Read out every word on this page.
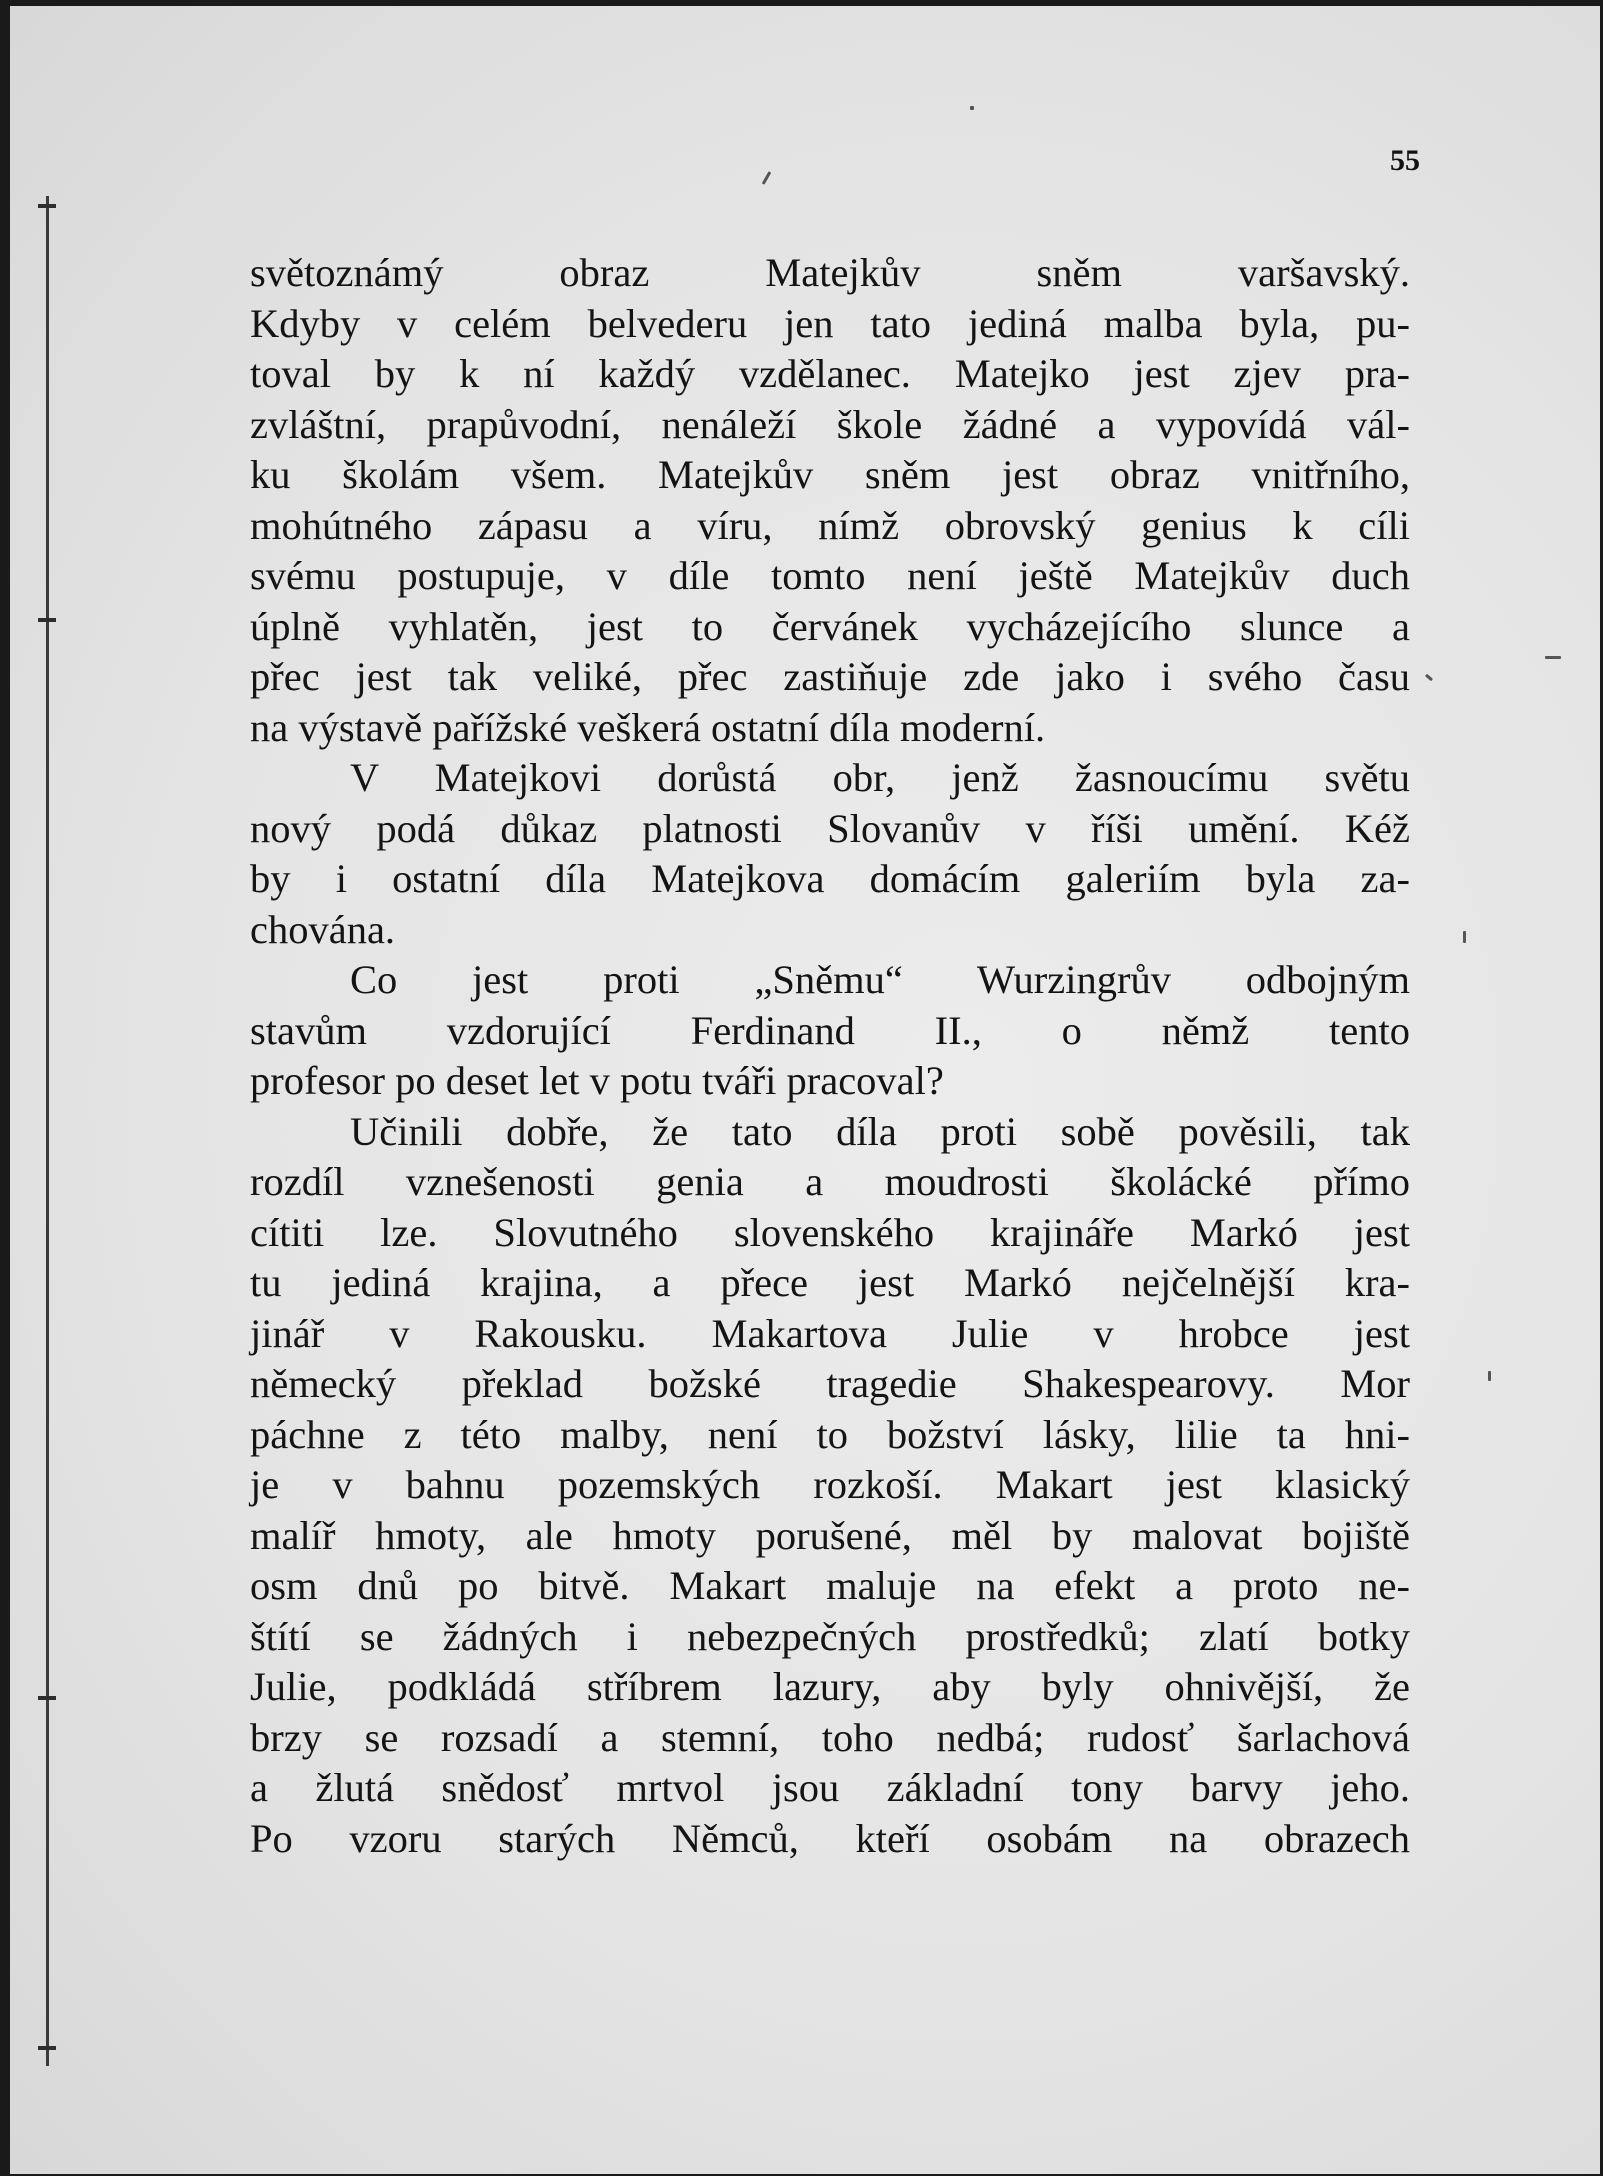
55
světoznámý obraz Matejkův sněm varšavský.
Kdyby v celém belvederu jen tato jediná malba byla, pu-
toval by k ní každý vzdělanec. Matejko jest zjev pra-
zvláštní, prapůvodní, nenáleží škole žádné a vypovídá vál-
ku školám všem. Matejkův sněm jest obraz vnitřního,
mohútného zápasu a víru, nímž obrovský genius k cíli
svému postupuje, v díle tomto není ještě Matejkův duch
úplně vyhlatěn, jest to červánek vycházejícího slunce a
přec jest tak veliké, přec zastiňuje zde jako i svého času
na výstavě pařížské veškerá ostatní díla moderní.
V Matejkovi dorůstá obr, jenž žasnoucímu světu
nový podá důkaz platnosti Slovanův v říši umění. Kéž
by i ostatní díla Matejkova domácím galeriím byla za-
chována.
Co jest proti „Sněmu“ Wurzingrův odbojným
stavům vzdorující Ferdinand II., o němž tento
profesor po deset let v potu tváři pracoval?
Učinili dobře, že tato díla proti sobě pověsili, tak
rozdíl vznešenosti genia a moudrosti školácké přímo
cítiti lze. Slovutného slovenského krajináře Markó jest
tu jediná krajina, a přece jest Markó nejčelnější kra-
jinář v Rakousku. Makartova Julie v hrobce jest
německý překlad božské tragedie Shakespearovy. Mor
páchne z této malby, není to božství lásky, lilie ta hni-
je v bahnu pozemských rozkoší. Makart jest klasický
malíř hmoty, ale hmoty porušené, měl by malovat bojiště
osm dnů po bitvě. Makart maluje na efekt a proto ne-
štítí se žádných i nebezpečných prostředků; zlatí botky
Julie, podkládá stříbrem lazury, aby byly ohnivější, že
brzy se rozsadí a stemní, toho nedbá; rudosť šarlachová
a žlutá snědosť mrtvol jsou základní tony barvy jeho.
Po vzoru starých Němců, kteří osobám na obrazech
